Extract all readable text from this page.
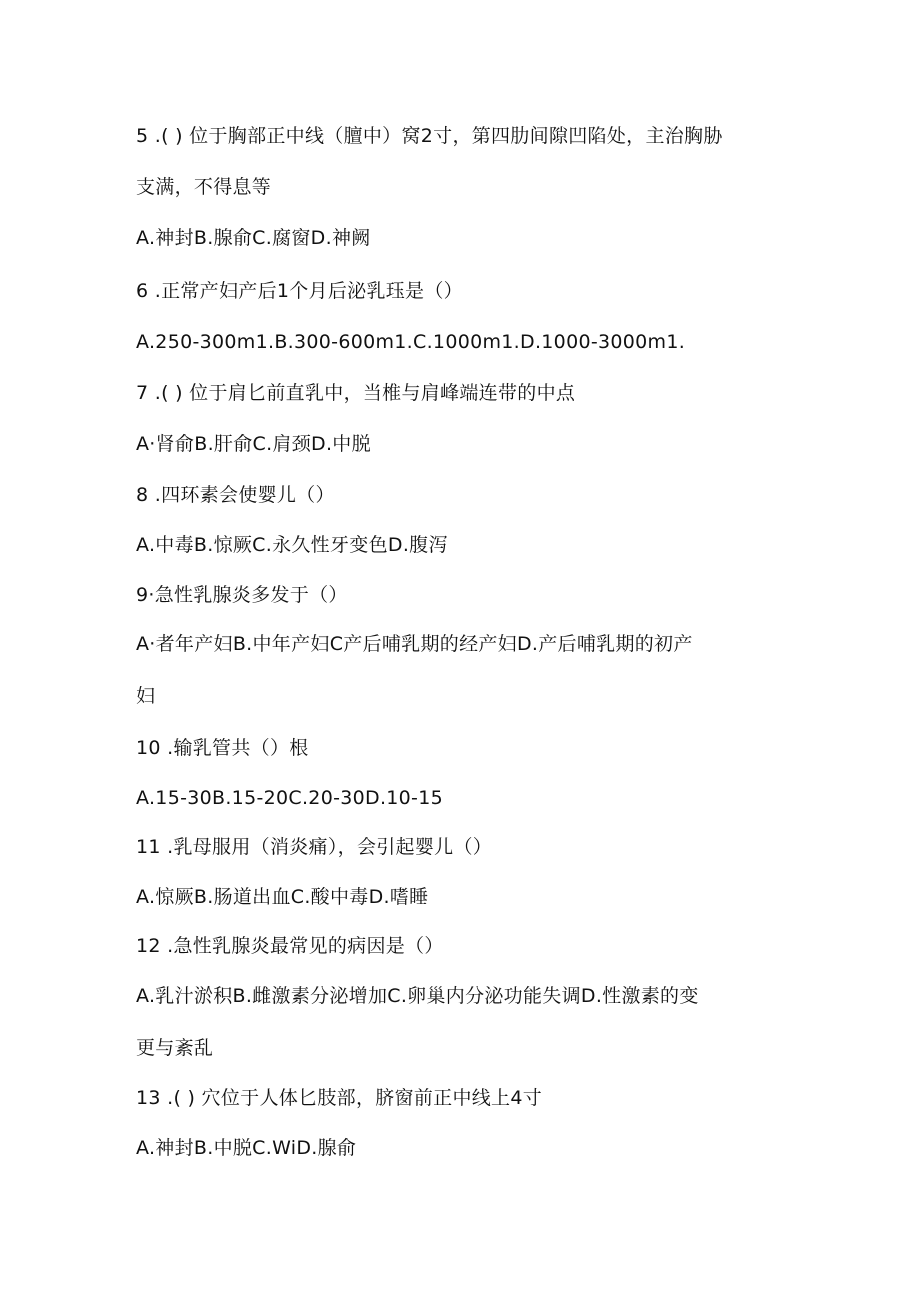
5 .( ) 位于胸部正中线（膻中）窝2寸，第四肋间隙凹陷处，主治胸胁
支满，不得息等
A.神封B.腺俞C.腐窗D.神阙
6 .正常产妇产后1个月后泌乳珏是（）
A.250-300m1.B.300-600m1.C.1000m1.D.1000-3000m1.
7 .( ) 位于肩匕前直乳中，当椎与肩峰端连带的中点
A·肾俞B.肝俞C.肩颈D.中脱
8 .四环素会使婴儿（）
A.中毒B.惊厥C.永久性牙变色D.腹泻
9·急性乳腺炎多发于（）
A·者年产妇B.中年产妇C产后哺乳期的经产妇D.产后哺乳期的初产
妇
10 .输乳管共（）根
A.15-30B.15-20C.20-30D.10-15
11 .乳母服用（消炎痛），会引起婴儿（）
A.惊厥B.肠道出血C.酸中毒D.嗜睡
12 .急性乳腺炎最常见的病因是（）
A.乳汁淤积B.雌激素分泌增加C.卵巢内分泌功能失调D.性激素的变
更与紊乱
13 .( ) 穴位于人体匕肢部，脐窗前正中线上4寸
A.神封B.中脱C.WiD.腺俞
